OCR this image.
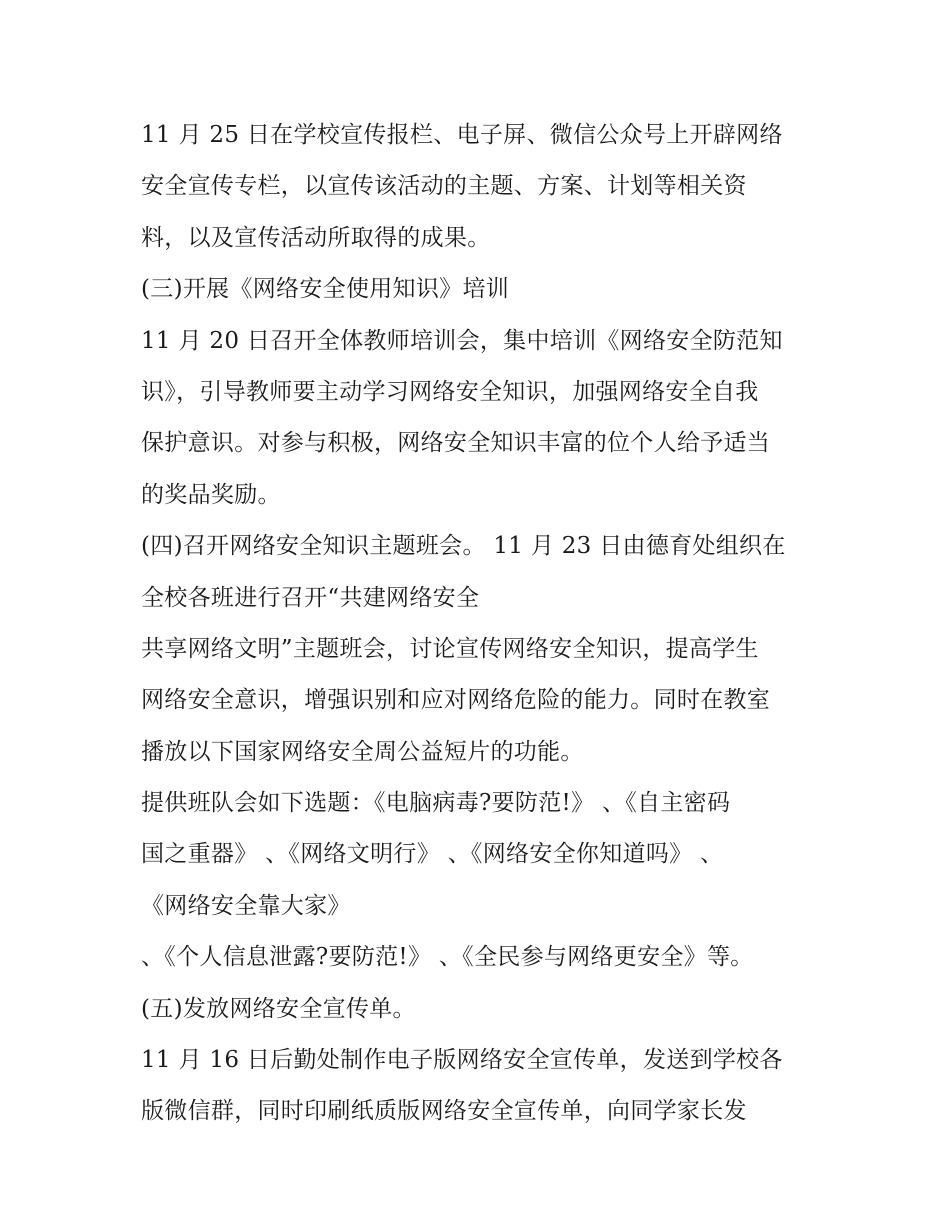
11 月 25 日在学校宣传报栏、电子屏、微信公众号上开辟网络
安全宣传专栏，以宣传该活动的主题、方案、计划等相关资
料，以及宣传活动所取得的成果。
(三)开展《网络安全使用知识》培训
11 月 20 日召开全体教师培训会，集中培训《网络安全防范知
识》，引导教师要主动学习网络安全知识，加强网络安全自我
保护意识。对参与积极，网络安全知识丰富的位个人给予适当
的奖品奖励。
(四)召开网络安全知识主题班会。 11 月 23 日由德育处组织在
全校各班进行召开“共建网络安全
共享网络文明”主题班会，讨论宣传网络安全知识，提高学生
网络安全意识，增强识别和应对网络危险的能力。同时在教室
播放以下国家网络安全周公益短片的功能。
提供班队会如下选题：《电脑病毒?要防范!》 、《自主密码
国之重器》 、《网络文明行》 、《网络安全你知道吗》 、
《网络安全靠大家》
、《个人信息泄露?要防范!》 、《全民参与网络更安全》等。
(五)发放网络安全宣传单。
11 月 16 日后勤处制作电子版网络安全宣传单，发送到学校各
版微信群，同时印刷纸质版网络安全宣传单，向同学家长发
